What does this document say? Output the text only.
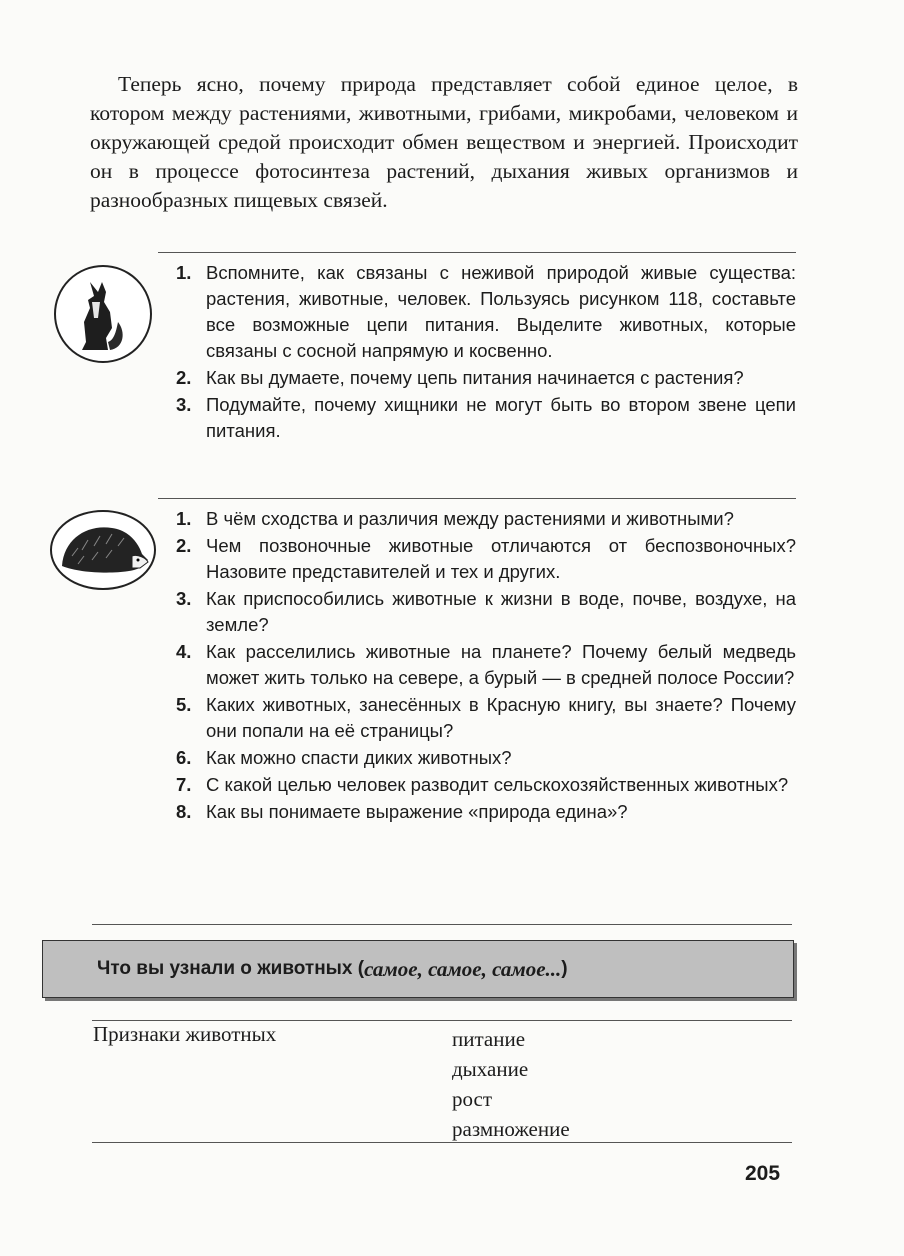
Теперь ясно, почему природа представляет собой единое целое, в котором между растениями, животными, грибами, микробами, человеком и окружающей средой происходит обмен веществом и энергией. Происходит он в процессе фотосинтеза растений, дыхания живых организмов и разнообразных пищевых связей.

1. Вспомните, как связаны с неживой природой живые существа: растения, животные, человек. Пользуясь рисунком 118, составьте все возможные цепи питания. Выделите животных, которые связаны с сосной напрямую и косвенно.
2. Как вы думаете, почему цепь питания начинается с растения?
3. Подумайте, почему хищники не могут быть во втором звене цепи питания.
1. В чём сходства и различия между растениями и животными?
2. Чем позвоночные животные отличаются от беспозвоночных? Назовите представителей и тех и других.
3. Как приспособились животные к жизни в воде, почве, воздухе, на земле?
4. Как расселились животные на планете? Почему белый медведь может жить только на севере, а бурый — в средней полосе России?
5. Каких животных, занесённых в Красную книгу, вы знаете? Почему они попали на её страницы?
6. Как можно спасти диких животных?
7. С какой целью человек разводит сельскохозяйственных животных?
8. Как вы понимаете выражение «природа едина»?
Что вы узнали о животных ( самое, самое, самое... )
Признаки животных	питание
дыхание
рост
размножение
205
